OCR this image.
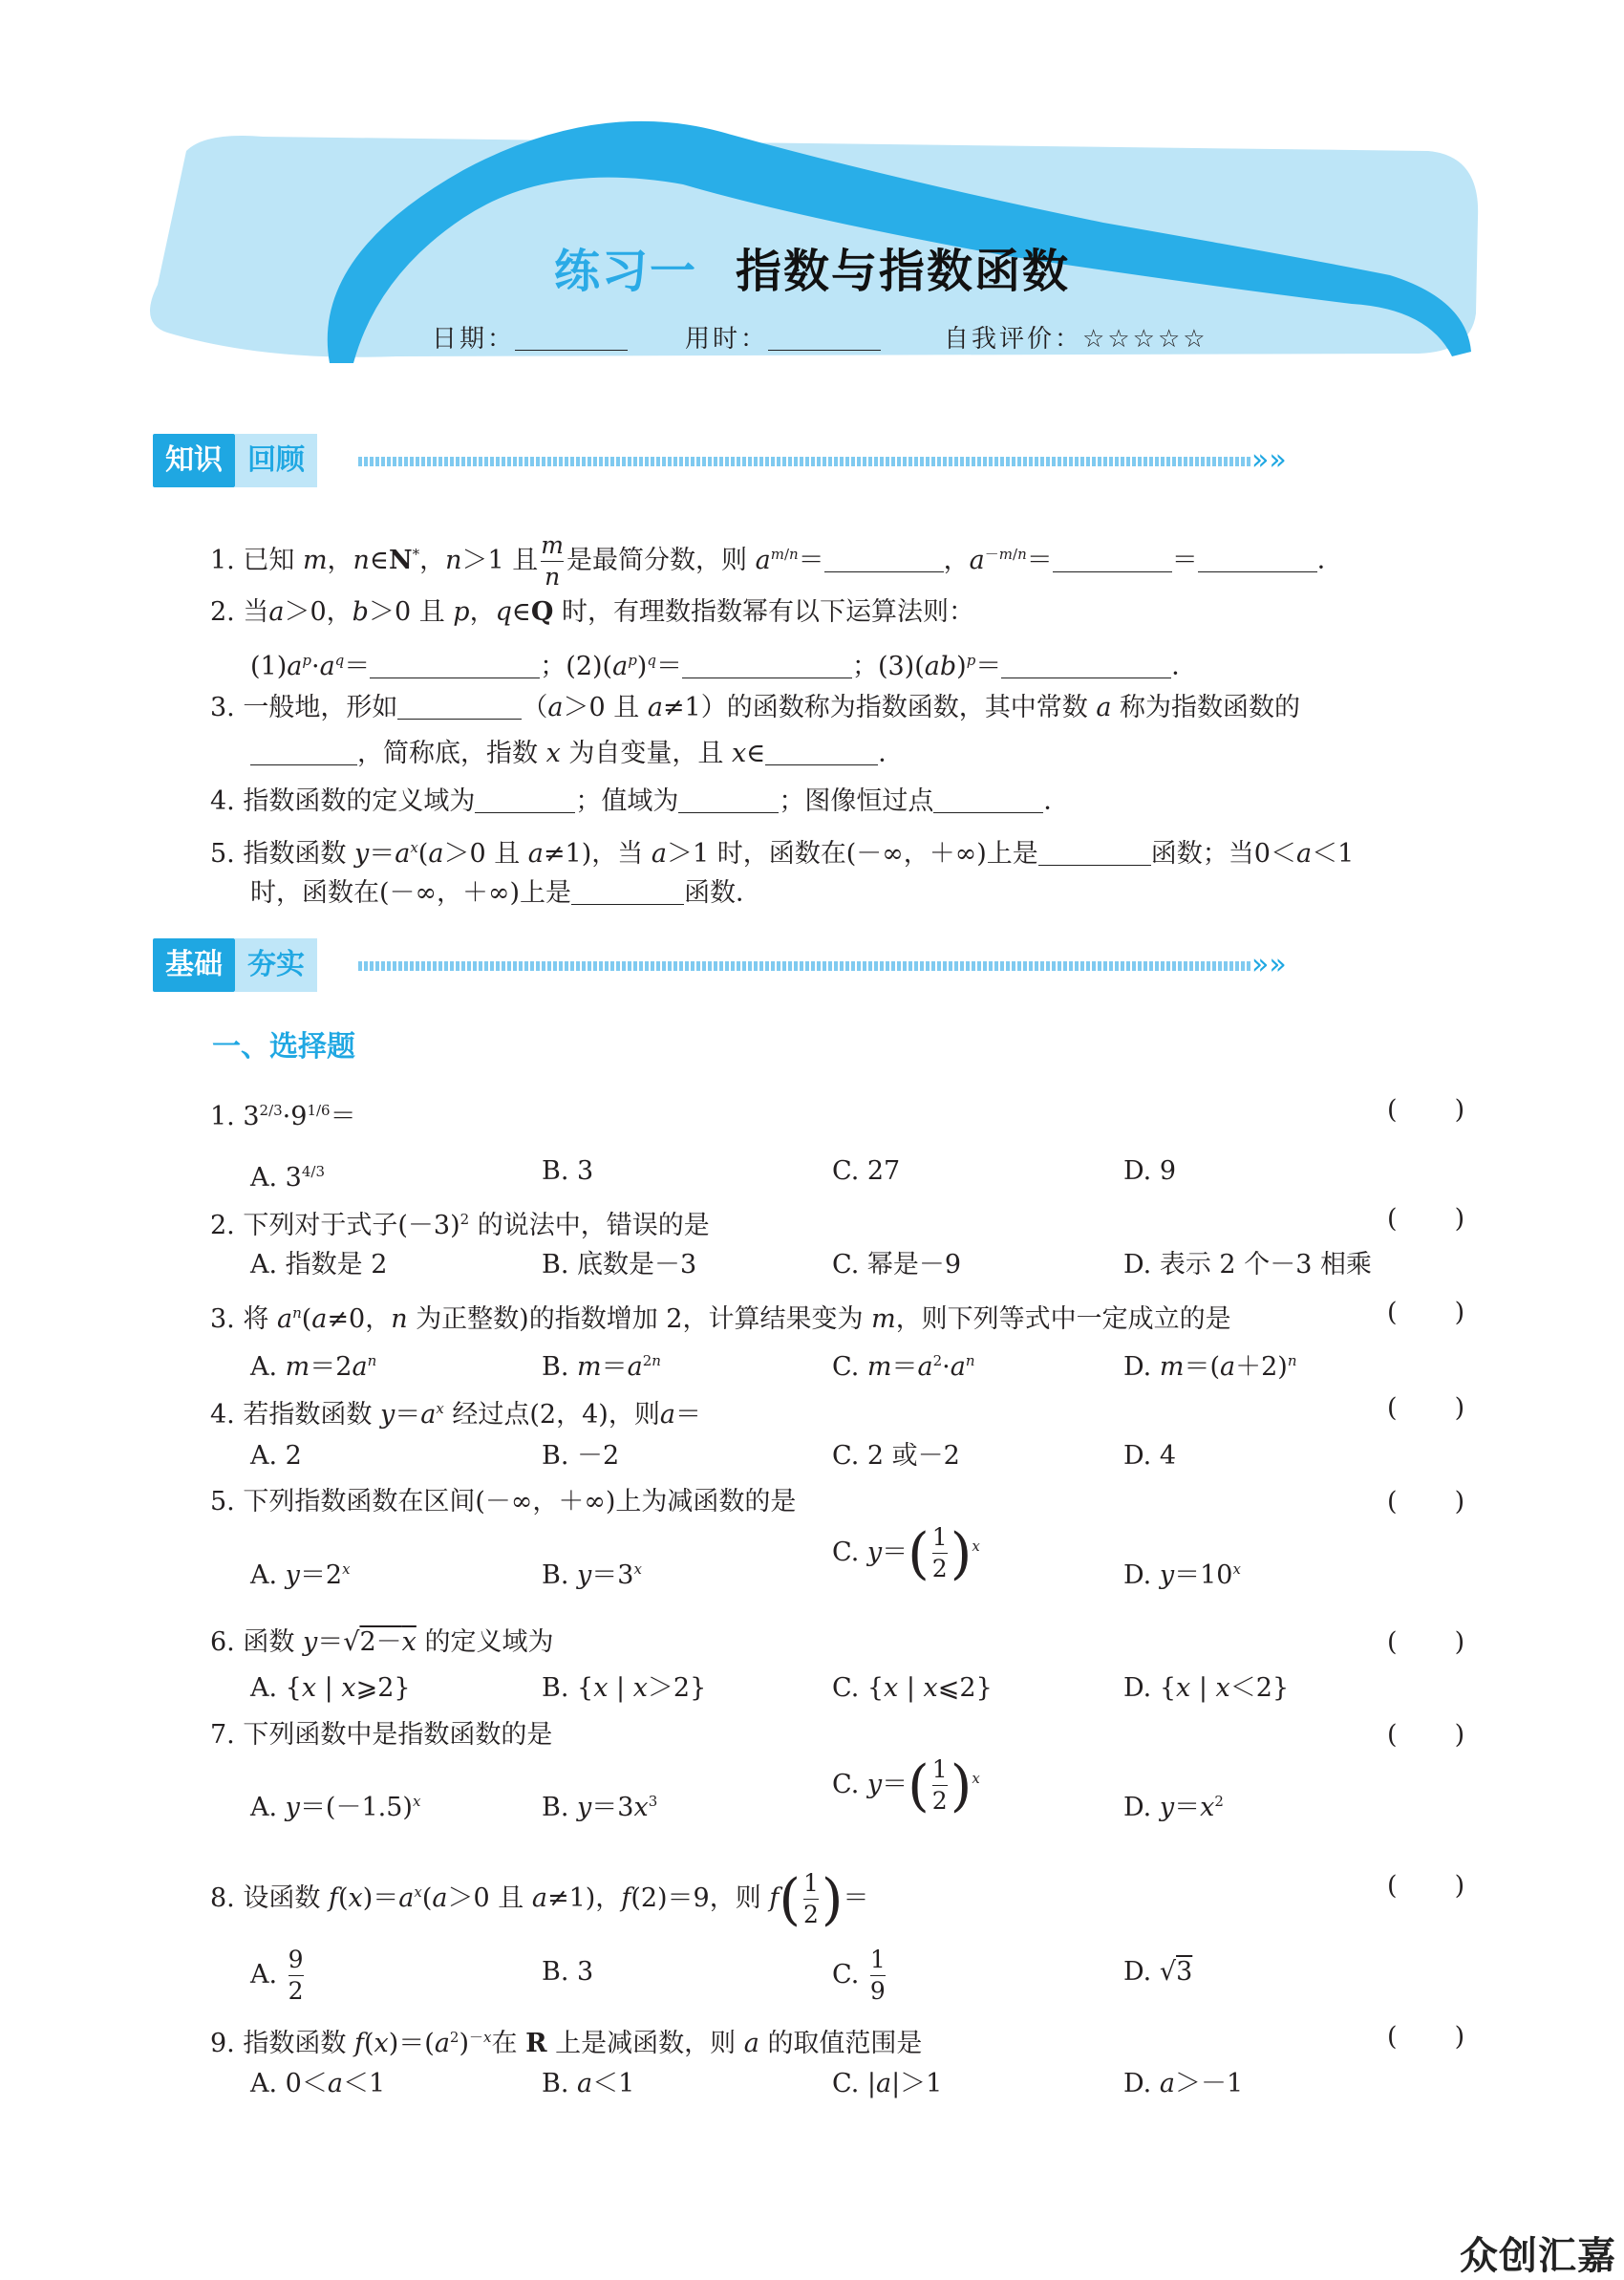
练习一 指数与指数函数
日期：	用时：	自我评价：☆☆☆☆☆
知识 回顾	»»
1. 已知 m，n∈N*，n＞1 且 $\frac{m}{n}$ 是最简分数，则 $a^{m/n}=$	，$a^{-m/n}=$	＝	．
2. 当a＞0，b＞0 且 p，q∈Q 时，有理数指数幂有以下运算法则：
$(1)a^p\cdot a^q=$	；$(2)(a^p)^q=$	；(3)(ab)$^p$＝	．
3. 一般地，形如	（a＞0 且 a≠1）的函数称为指数函数，其中常数 a 称为指数函数的
，简称底，指数 x 为自变量，且 x∈	．
4. 指数函数的定义域为	；值域为	；图像恒过点	．
5. 指数函数 $y=a^x(a>0$ 且 a≠1)，当 a＞1 时，函数在(－∞，＋∞)上是	函数；当0＜a＜1
时，函数在(－∞，＋∞)上是	函数．
基础 夯实	»»
一、选择题
1. $3^{2/3}\cdot 9^{1/6}=$	(       )
A. $3^{4/3}$	B. 3	C. 27	D. 9
2. 下列对于式子$(-3)^2$ 的说法中，错误的是	(       )
A. 指数是 2	B. 底数是－3	C. 幂是－9	D. 表示 2 个－3 相乘
3. 将 $a^n(a\ne 0$，n 为正整数)的指数增加 2，计算结果变为 m，则下列等式中一定成立的是	(       )
A. $m=2a^n$	B. $m=a^{2n}$	C. $m=a^2\cdot a^n$	D. $m=(a+2)^n$
4. 若指数函数 $y=a^x$ 经过点(2，4)，则a＝	(       )
A. 2	B. －2	C. 2 或－2	D. 4
5. 下列指数函数在区间(－∞，＋∞)上为减函数的是	(       )
A. $y=2^x$	B. $y=3^x$
C. $y=( \frac{1}{2} )^x$
D. $y=10^x$
6. 函数 y＝√2－x 的定义域为	(       )
A. {x | x⩾2}	B. {x | x＞2}	C. {x | x⩽2}	D. {x | x＜2}
7. 下列函数中是指数函数的是	(       )
A. $y=(-1.5)^x$	B. $y=3x^3$
C. $y=( \frac{1}{2} )^x$
D. $y=x^2$
8. 设函数 $f(x)=a^x(a>0$ 且 a≠1)，f(2)＝9，则 $f( \frac{1}{2}$ )＝	(       )
A. $\frac{9}{2}$	B. 3	C. $\frac{1}{9}$	D. √3
9. 指数函数 $f(x)=(a^2)^{-x}$在 R 上是减函数，则 a 的取值范围是	(       )
A. 0＜a＜1	B. a＜1	C. |a|＞1	D. a＞－1
众创汇嘉
